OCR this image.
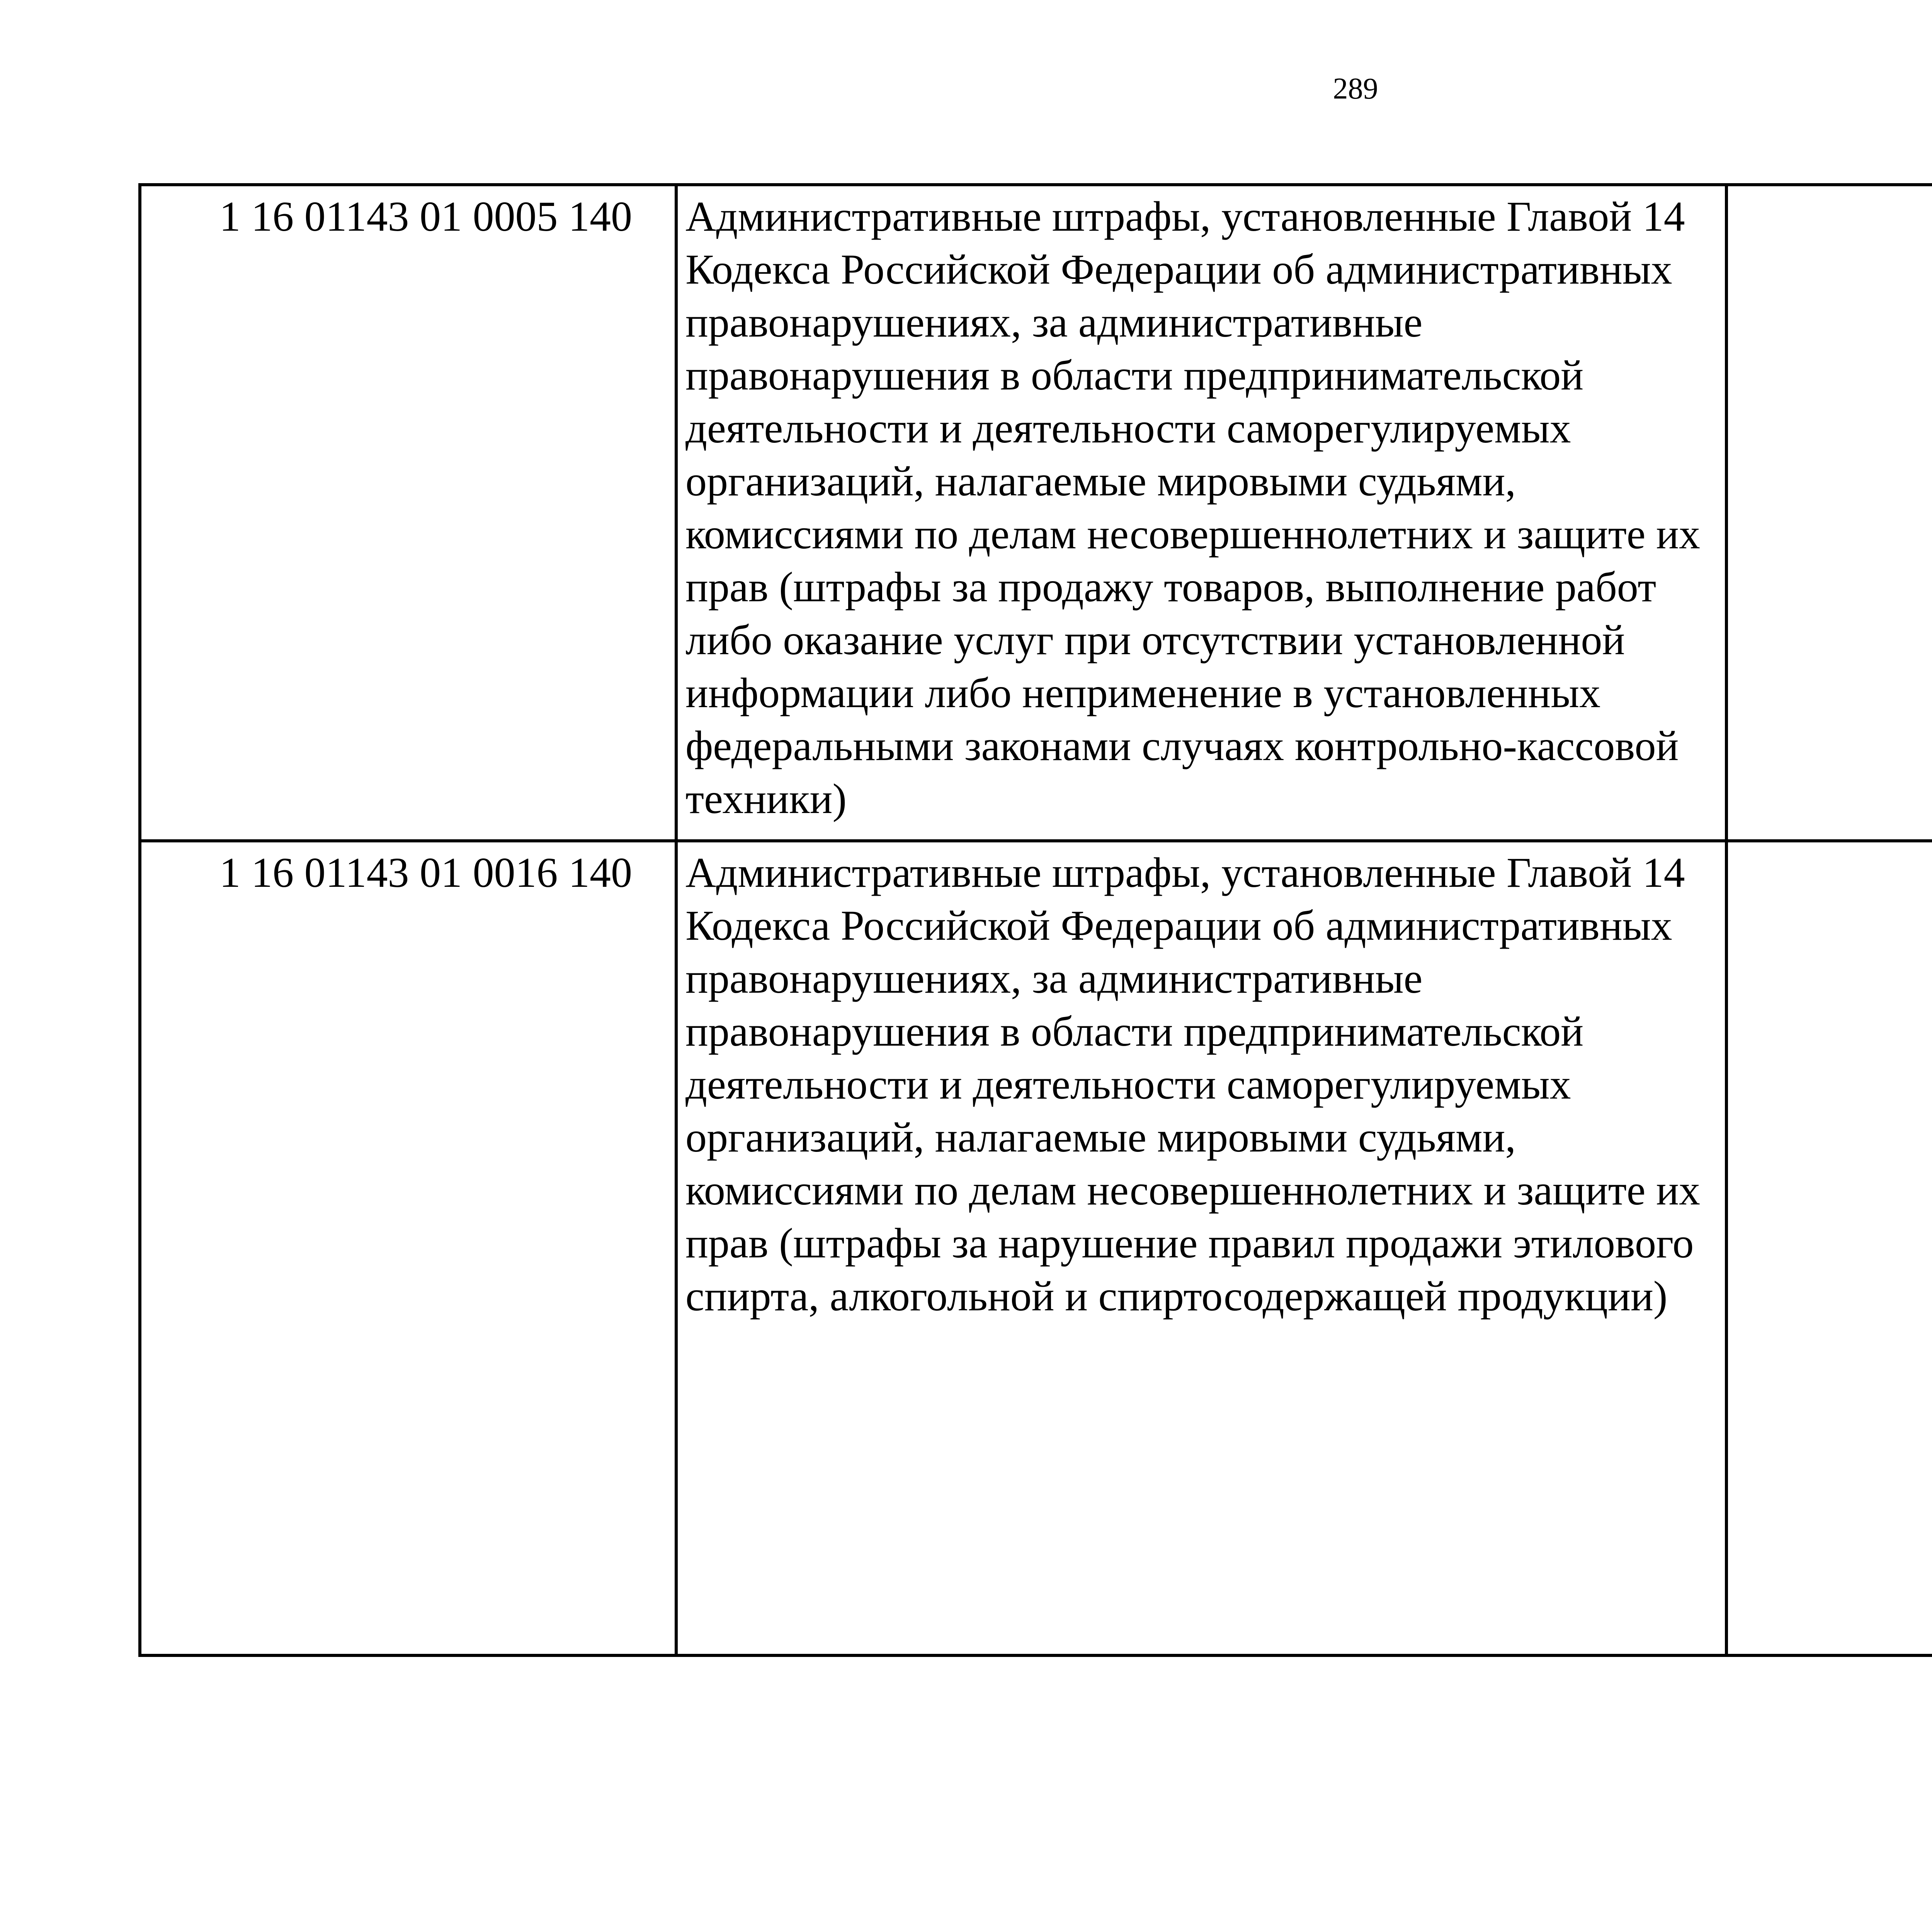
289
1 16 01143 01 0005 140	Административные штрафы, установленные Главой 14 Кодекса Российской Федерации об административных правонарушениях, за административные правонарушения в области предпринимательской деятельности и деятельности саморегулируемых организаций, налагаемые мировыми судьями, комиссиями по делам несовершеннолетних и защите их прав (штрафы за продажу товаров, выполнение работ либо оказание услуг при отсутствии установленной информации либо неприменение в установленных федеральными законами случаях контрольно-кассовой техники)

1 16 01143 01 0016 140	Административные штрафы, установленные Главой 14 Кодекса Российской Федерации об административных правонарушениях, за административные правонарушения в области предпринимательской деятельности и деятельности саморегулируемых организаций, налагаемые мировыми судьями, комиссиями по делам несовершеннолетних и защите их прав (штрафы за нарушение правил продажи этилового спирта, алкогольной и спиртосодержащей продукции)
